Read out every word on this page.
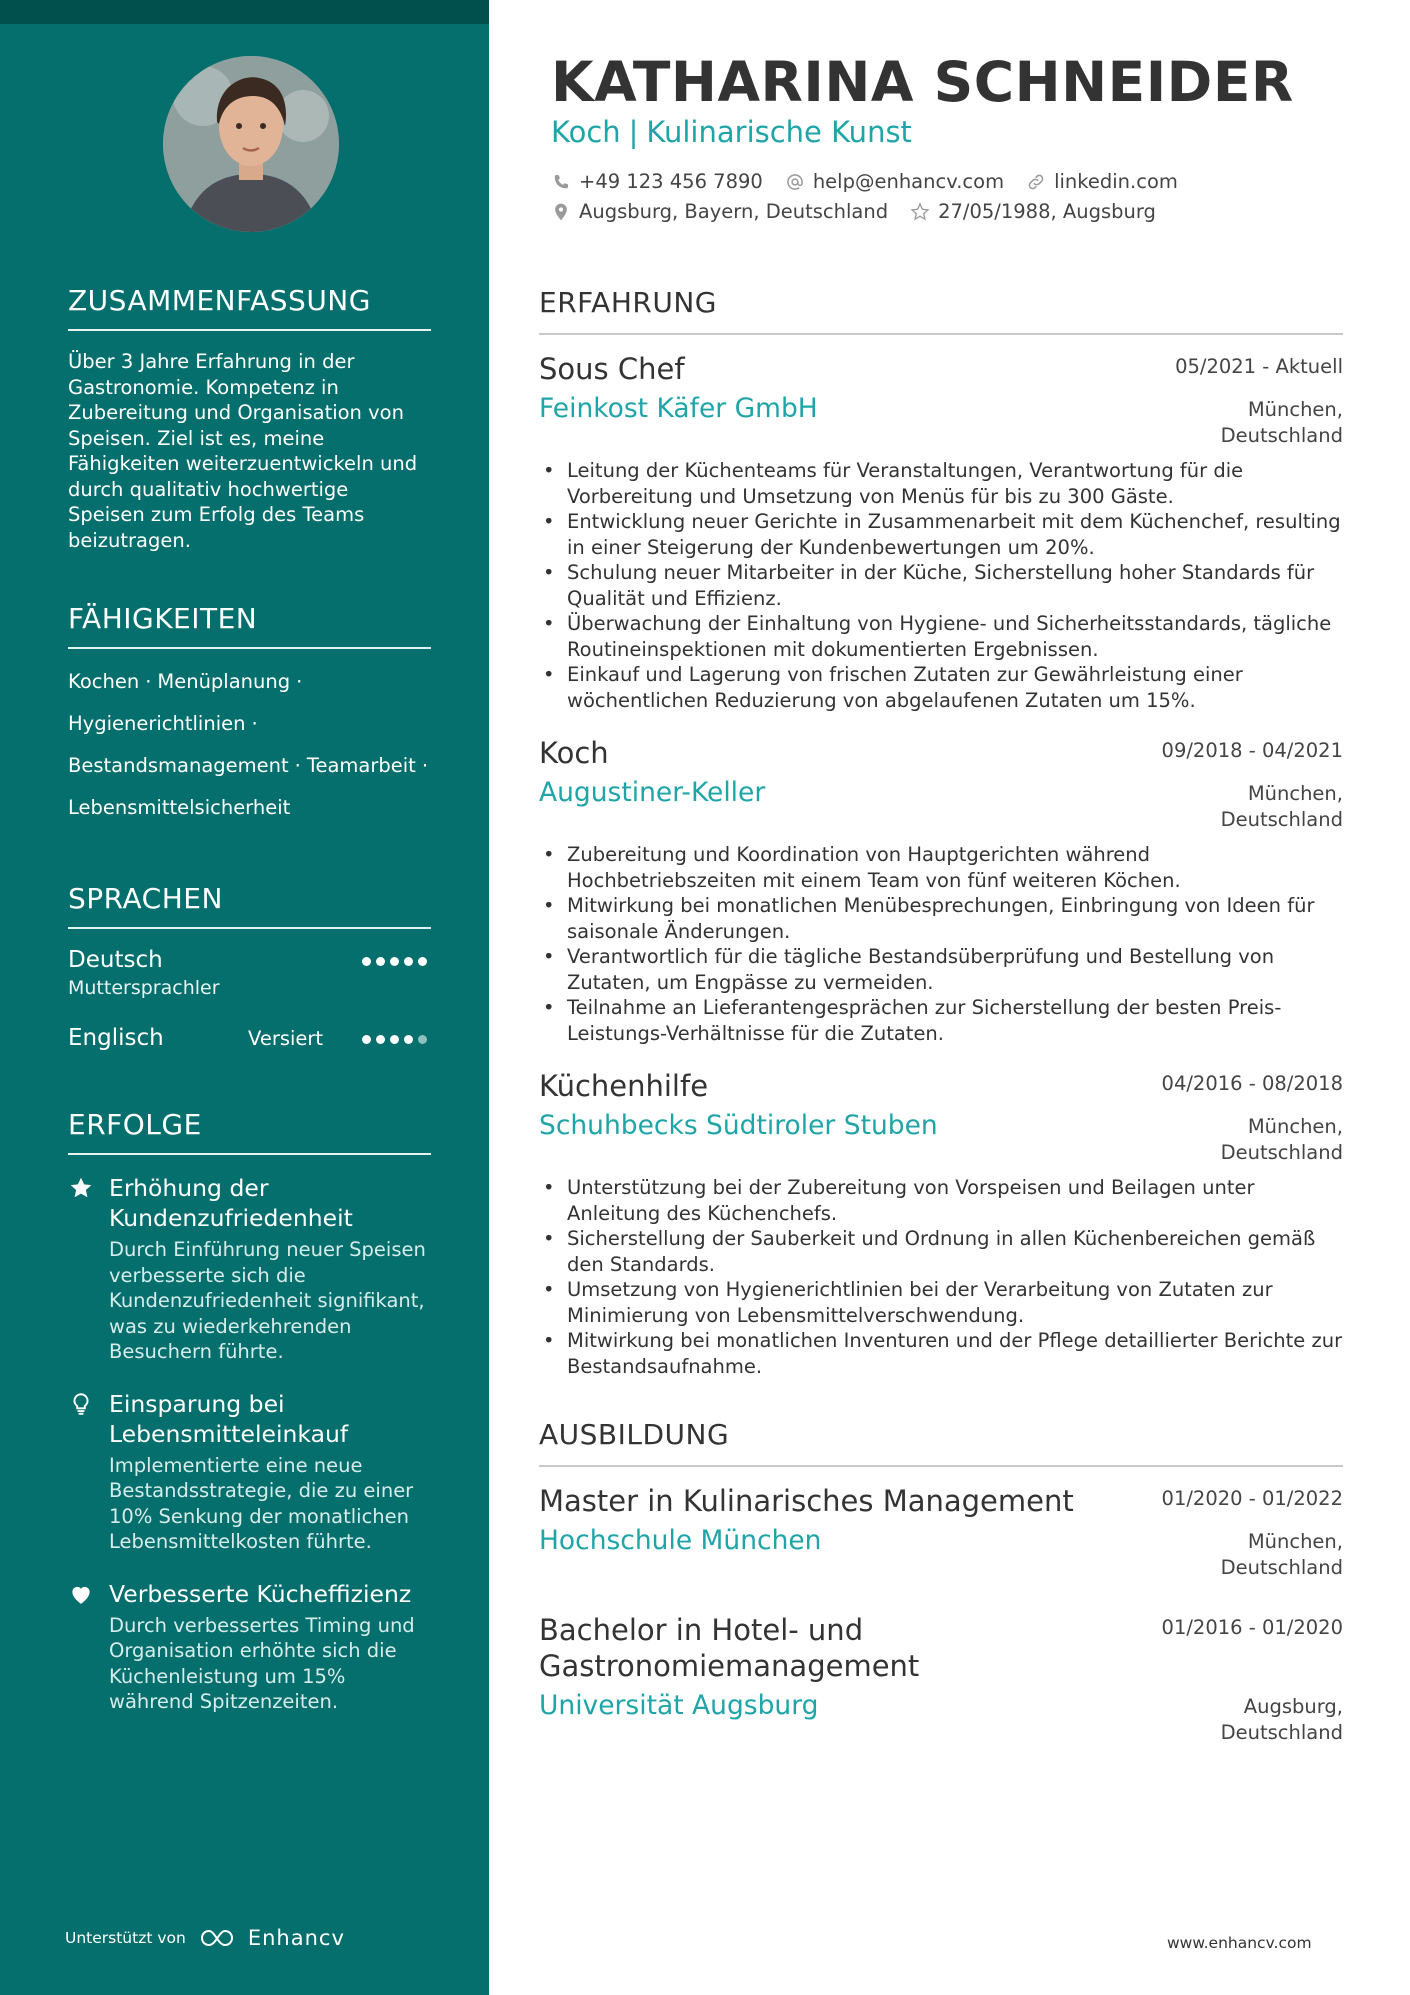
ZUSAMMENFASSUNG
Über 3 Jahre Erfahrung in der Gastronomie. Kompetenz in Zubereitung und Organisation von Speisen. Ziel ist es, meine Fähigkeiten weiterzuentwickeln und durch qualitativ hochwertige Speisen zum Erfolg des Teams beizutragen.
FÄHIGKEITEN
Kochen · Menüplanung ·
Hygienerichtlinien ·
Bestandsmanagement · Teamarbeit ·
Lebensmittelsicherheit
SPRACHEN
Deutsch
Muttersprachler
Englisch	Versiert
ERFOLGE
Erhöhung der Kundenzufriedenheit
Durch Einführung neuer Speisen verbesserte sich die Kundenzufriedenheit signifikant, was zu wiederkehrenden Besuchern führte.
Einsparung bei Lebensmitteleinkauf
Implementierte eine neue Bestandsstrategie, die zu einer 10% Senkung der monatlichen Lebensmittelkosten führte.
Verbesserte Kücheffizienz
Durch verbessertes Timing und Organisation erhöhte sich die Küchenleistung um 15% während Spitzenzeiten.
Unterstützt von	Enhancv
KATHARINA SCHNEIDER
Koch | Kulinarische Kunst
+49 123 456 7890	help@enhancv.com	linkedin.com
Augsburg, Bayern, Deutschland	27/05/1988, Augsburg
ERFAHRUNG
Sous Chef	05/2021 - Aktuell
Feinkost Käfer GmbH	München,
Deutschland
• Leitung der Küchenteams für Veranstaltungen, Verantwortung für die Vorbereitung und Umsetzung von Menüs für bis zu 300 Gäste.
• Entwicklung neuer Gerichte in Zusammenarbeit mit dem Küchenchef, resulting in einer Steigerung der Kundenbewertungen um 20%.
• Schulung neuer Mitarbeiter in der Küche, Sicherstellung hoher Standards für Qualität und Effizienz.
• Überwachung der Einhaltung von Hygiene- und Sicherheitsstandards, tägliche Routineinspektionen mit dokumentierten Ergebnissen.
• Einkauf und Lagerung von frischen Zutaten zur Gewährleistung einer wöchentlichen Reduzierung von abgelaufenen Zutaten um 15%.
Koch	09/2018 - 04/2021
Augustiner-Keller	München,
Deutschland
• Zubereitung und Koordination von Hauptgerichten während Hochbetriebszeiten mit einem Team von fünf weiteren Köchen.
• Mitwirkung bei monatlichen Menübesprechungen, Einbringung von Ideen für saisonale Änderungen.
• Verantwortlich für die tägliche Bestandsüberprüfung und Bestellung von Zutaten, um Engpässe zu vermeiden.
• Teilnahme an Lieferantengesprächen zur Sicherstellung der besten Preis-Leistungs-Verhältnisse für die Zutaten.
Küchenhilfe	04/2016 - 08/2018
Schuhbecks Südtiroler Stuben	München,
Deutschland
• Unterstützung bei der Zubereitung von Vorspeisen und Beilagen unter Anleitung des Küchenchefs.
• Sicherstellung der Sauberkeit und Ordnung in allen Küchenbereichen gemäß den Standards.
• Umsetzung von Hygienerichtlinien bei der Verarbeitung von Zutaten zur Minimierung von Lebensmittelverschwendung.
• Mitwirkung bei monatlichen Inventuren und der Pflege detaillierter Berichte zur Bestandsaufnahme.
AUSBILDUNG
Master in Kulinarisches Management	01/2020 - 01/2022
Hochschule München	München,
Deutschland
Bachelor in Hotel- und
Gastronomiemanagement
01/2016 - 01/2020
Universität Augsburg	Augsburg,
Deutschland
www.enhancv.com
